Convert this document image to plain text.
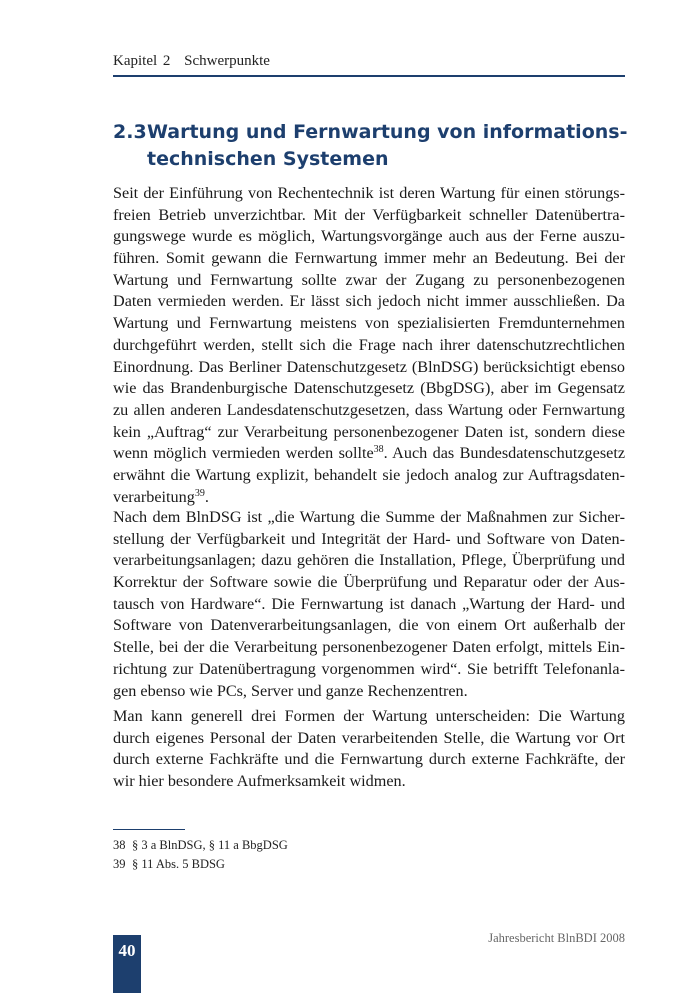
Kapitel 2 Schwerpunkte
2.3Wartung und Fernwartung von informations-
technischen Systemen
Seit der Einführung von Rechentechnik ist deren Wartung für einen störungs-
freien Betrieb unverzichtbar. Mit der Verfügbarkeit schneller Datenübertra-
gungswege wurde es möglich, Wartungsvorgänge auch aus der Ferne auszu-
führen. Somit gewann die Fernwartung immer mehr an Bedeutung. Bei der
Wartung und Fernwartung sollte zwar der Zugang zu personenbezogenen
Daten vermieden werden. Er lässt sich jedoch nicht immer ausschließen. Da
Wartung und Fernwartung meistens von spezialisierten Fremdunternehmen
durchgeführt werden, stellt sich die Frage nach ihrer datenschutzrechtlichen
Einordnung. Das Berliner Datenschutzgesetz (BlnDSG) berücksichtigt ebenso
wie das Brandenburgische Datenschutzgesetz (BbgDSG), aber im Gegensatz
zu allen anderen Landesdatenschutzgesetzen, dass Wartung oder Fernwartung
kein „Auftrag“ zur Verarbeitung personenbezogener Daten ist, sondern diese
wenn möglich vermieden werden sollte$^{38}$. Auch das Bundesdatenschutzgesetz
erwähnt die Wartung explizit, behandelt sie jedoch analog zur Auftragsdaten-
verarbeitung$^{39}$.
Nach dem BlnDSG ist „die Wartung die Summe der Maßnahmen zur Sicher-
stellung der Verfügbarkeit und Integrität der Hard- und Software von Daten-
verarbeitungsanlagen; dazu gehören die Installation, Pflege, Überprüfung und
Korrektur der Software sowie die Überprüfung und Reparatur oder der Aus-
tausch von Hardware“. Die Fernwartung ist danach „Wartung der Hard- und
Software von Datenverarbeitungsanlagen, die von einem Ort außerhalb der
Stelle, bei der die Verarbeitung personenbezogener Daten erfolgt, mittels Ein-
richtung zur Datenübertragung vorgenommen wird“. Sie betrifft Telefonanla-
gen ebenso wie PCs, Server und ganze Rechenzentren.
Man kann generell drei Formen der Wartung unterscheiden: Die Wartung
durch eigenes Personal der Daten verarbeitenden Stelle, die Wartung vor Ort
durch externe Fachkräfte und die Fernwartung durch externe Fachkräfte, der
wir hier besondere Aufmerksamkeit widmen.
38 § 3 a BlnDSG, § 11 a BbgDSG
39 § 11 Abs. 5 BDSG
40
Jahresbericht BlnBDI 2008
